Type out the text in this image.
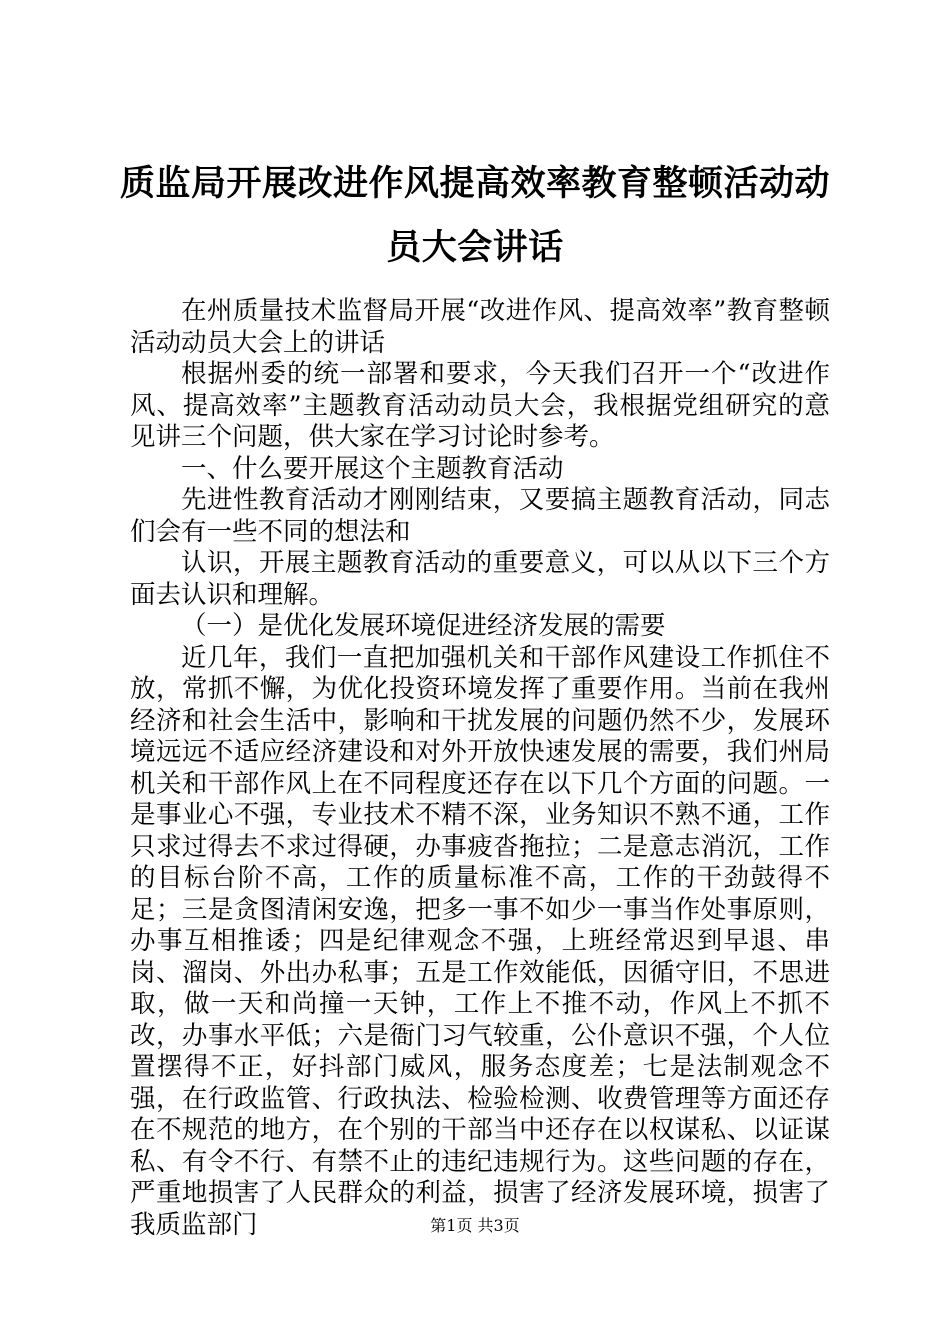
质监局开展改进作风提高效率教育整顿活动动员大会讲话

在州质量技术监督局开展“改进作风、提高效率”教育整顿活动动员大会上的讲话

根据州委的统一部署和要求，今天我们召开一个“改进作风、提高效率”主题教育活动动员大会，我根据党组研究的意见讲三个问题，供大家在学习讨论时参考。

一、什么要开展这个主题教育活动

先进性教育活动才刚刚结束，又要搞主题教育活动，同志们会有一些不同的想法和

认识，开展主题教育活动的重要意义，可以从以下三个方面去认识和理解。

（一）是优化发展环境促进经济发展的需要

近几年，我们一直把加强机关和干部作风建设工作抓住不放，常抓不懈，为优化投资环境发挥了重要作用。当前在我州经济和社会生活中，影响和干扰发展的问题仍然不少，发展环境远远不适应经济建设和对外开放快速发展的需要，我们州局机关和干部作风上在不同程度还存在以下几个方面的问题。一是事业心不强，专业技术不精不深，业务知识不熟不通，工作只求过得去不求过得硬，办事疲沓拖拉；二是意志消沉，工作的目标台阶不高，工作的质量标准不高，工作的干劲鼓得不足；三是贪图清闲安逸，把多一事不如少一事当作处事原则，办事互相推诿；四是纪律观念不强，上班经常迟到早退、串岗、溜岗、外出办私事；五是工作效能低，因循守旧，不思进取，做一天和尚撞一天钟，工作上不推不动，作风上不抓不改，办事水平低；六是衙门习气较重，公仆意识不强，个人位置摆得不正，好抖部门威风，服务态度差；七是法制观念不强，在行政监管、行政执法、检验检测、收费管理等方面还存在不规范的地方，在个别的干部当中还存在以权谋私、以证谋私、有令不行、有禁不止的违纪违规行为。这些问题的存在，严重地损害了人民群众的利益，损害了经济发展环境，损害了我质监部门	第1页 共3页
